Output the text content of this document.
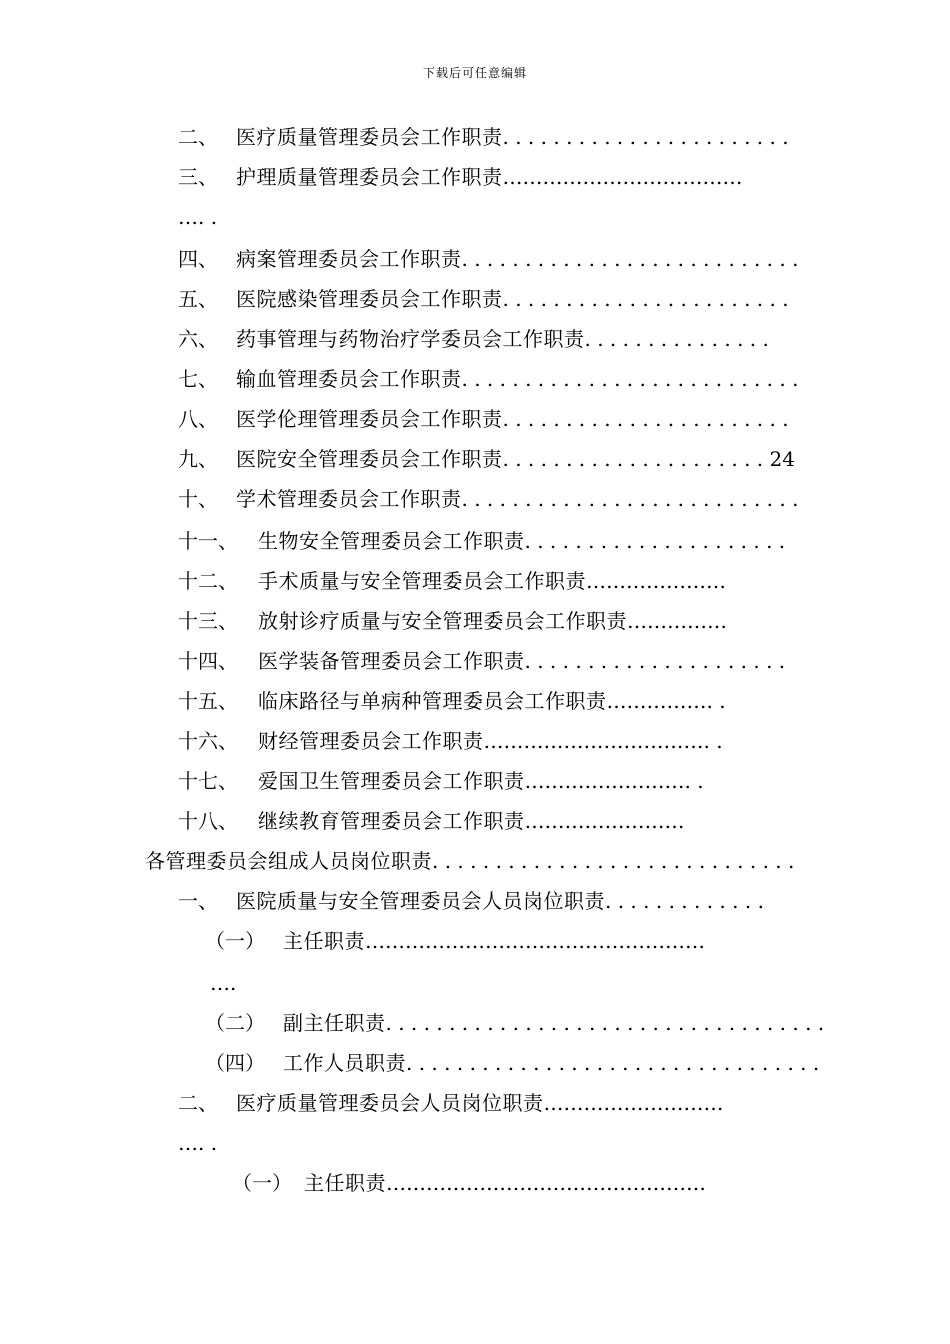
下载后可任意编辑
二、 医疗质量管理委员会工作职责. . . . . . . . . . . . . . . . . . . . . . .
三、 护理质量管理委员会工作职责………………………………
…. .
四、 病案管理委员会工作职责. . . . . . . . . . . . . . . . . . . . . . . . . . .
五、 医院感染管理委员会工作职责. . . . . . . . . . . . . . . . . . . . . . .
六、 药事管理与药物治疗学委员会工作职责. . . . . . . . . . . . . . .
七、 输血管理委员会工作职责. . . . . . . . . . . . . . . . . . . . . . . . . . .
八、 医学伦理管理委员会工作职责. . . . . . . . . . . . . . . . . . . . . . .
九、 医院安全管理委员会工作职责. . . . . . . . . . . . . . . . . . . . . 24
十、 学术管理委员会工作职责. . . . . . . . . . . . . . . . . . . . . . . . . . .
十一、 生物安全管理委员会工作职责. . . . . . . . . . . . . . . . . . . . .
十二、 手术质量与安全管理委员会工作职责…………………
十三、 放射诊疗质量与安全管理委员会工作职责……………
十四、 医学装备管理委员会工作职责. . . . . . . . . . . . . . . . . . . . .
十五、 临床路径与单病种管理委员会工作职责……………. .
十六、 财经管理委员会工作职责……………………………. .
十七、 爱国卫生管理委员会工作职责……………………. .
十八、 继续教育管理委员会工作职责……………………
各管理委员会组成人员岗位职责. . . . . . . . . . . . . . . . . . . . . . . . . . . . .
一、 医院质量与安全管理委员会人员岗位职责. . . . . . . . . . . . .
（一） 主任职责……………………………………………
….
（二） 副主任职责. . . . . . . . . . . . . . . . . . . . . . . . . . . . . . . . . . .
（四） 工作人员职责. . . . . . . . . . . . . . . . . . . . . . . . . . . . . . . . .
二、 医疗质量管理委员会人员岗位职责………………………
…. .
（一） 主任职责…………………………………………
